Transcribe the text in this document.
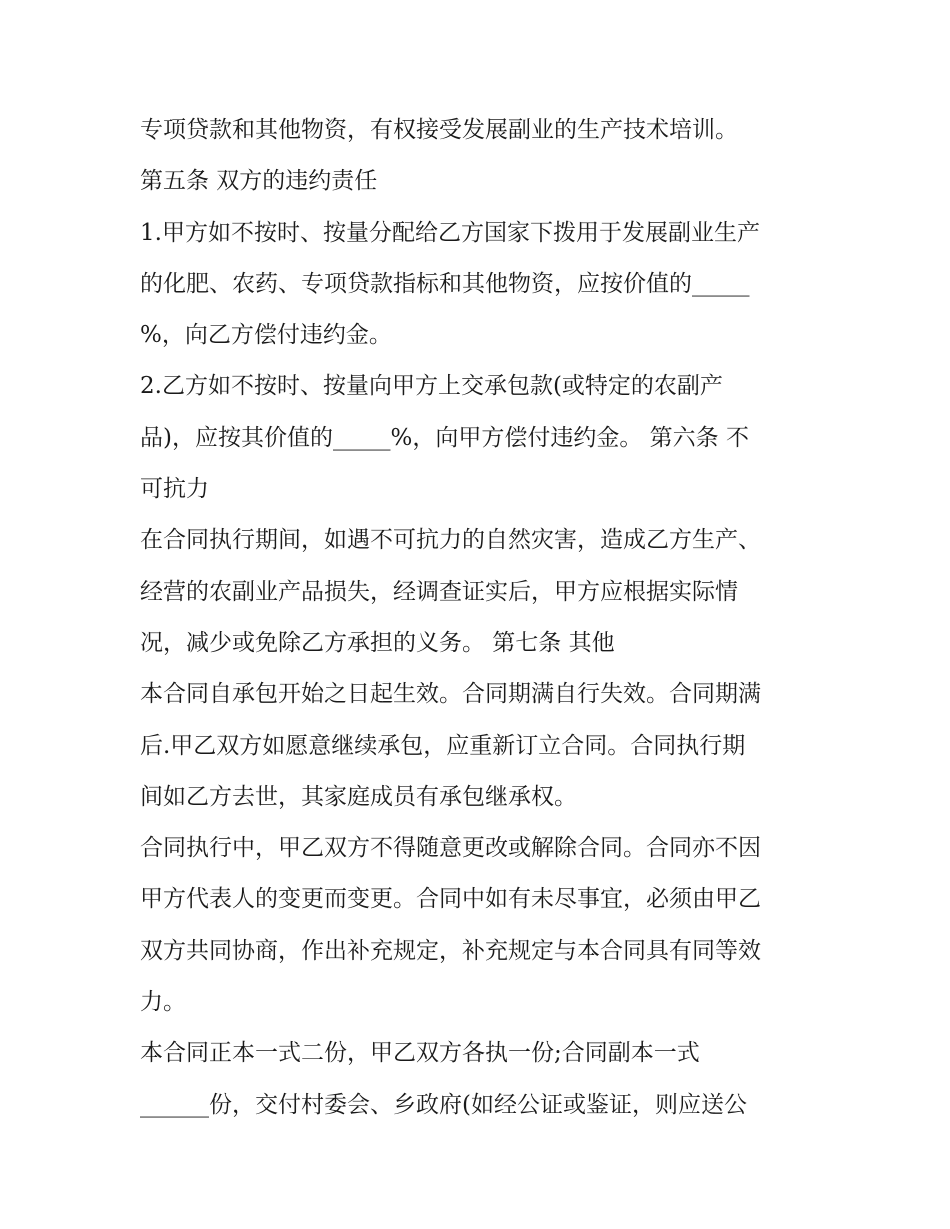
专项贷款和其他物资，有权接受发展副业的生产技术培训。
第五条 双方的违约责任
1.甲方如不按时、按量分配给乙方国家下拨用于发展副业生产
的化肥、农药、专项贷款指标和其他物资，应按价值的_____
%，向乙方偿付违约金。
2.乙方如不按时、按量向甲方上交承包款(或特定的农副产
品)，应按其价值的_____%，向甲方偿付违约金。 第六条 不
可抗力
在合同执行期间，如遇不可抗力的自然灾害，造成乙方生产、
经营的农副业产品损失，经调查证实后，甲方应根据实际情
况，减少或免除乙方承担的义务。 第七条 其他
本合同自承包开始之日起生效。合同期满自行失效。合同期满
后.甲乙双方如愿意继续承包，应重新订立合同。合同执行期
间如乙方去世，其家庭成员有承包继承权。
合同执行中，甲乙双方不得随意更改或解除合同。合同亦不因
甲方代表人的变更而变更。合同中如有未尽事宜，必须由甲乙
双方共同协商，作出补充规定，补充规定与本合同具有同等效
力。
本合同正本一式二份，甲乙双方各执一份;合同副本一式
______份，交付村委会、乡政府(如经公证或鉴证，则应送公
